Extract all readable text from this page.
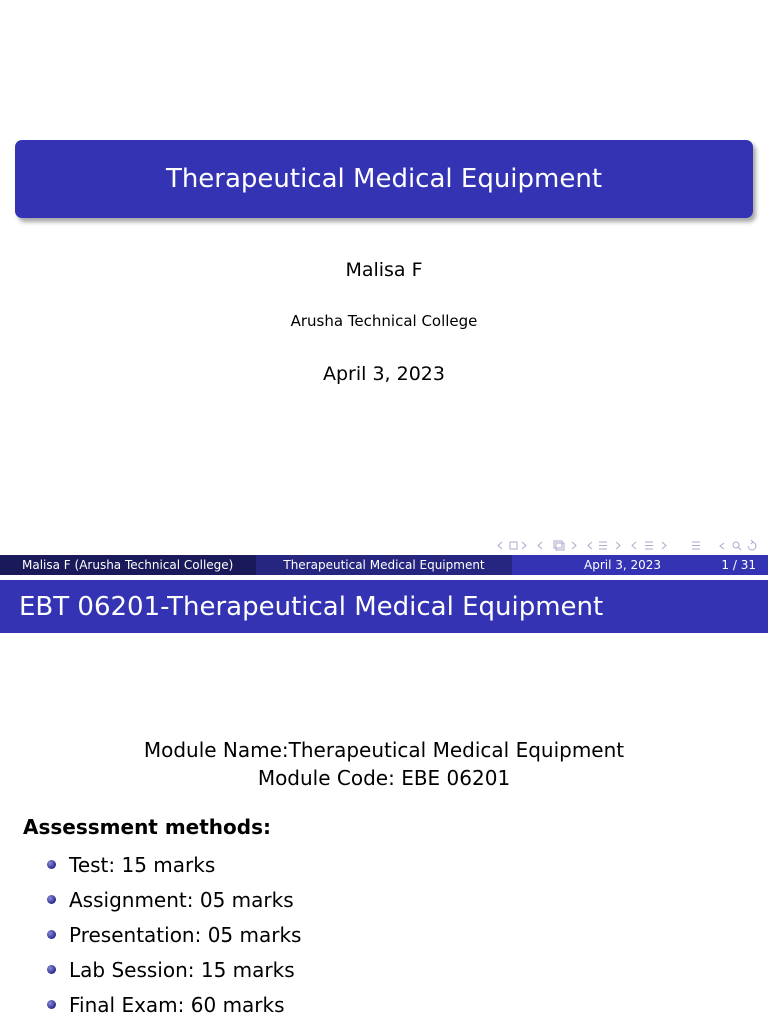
Therapeutical Medical Equipment
Malisa F
Arusha Technical College
April 3, 2023
Malisa F (Arusha Technical College)	Therapeutical Medical Equipment	April 3, 2023	1 / 31
EBT 06201-Therapeutical Medical Equipment
Module Name:Therapeutical Medical Equipment
Module Code: EBE 06201
Assessment methods:
Test: 15 marks
Assignment: 05 marks
Presentation: 05 marks
Lab Session: 15 marks
Final Exam: 60 marks
